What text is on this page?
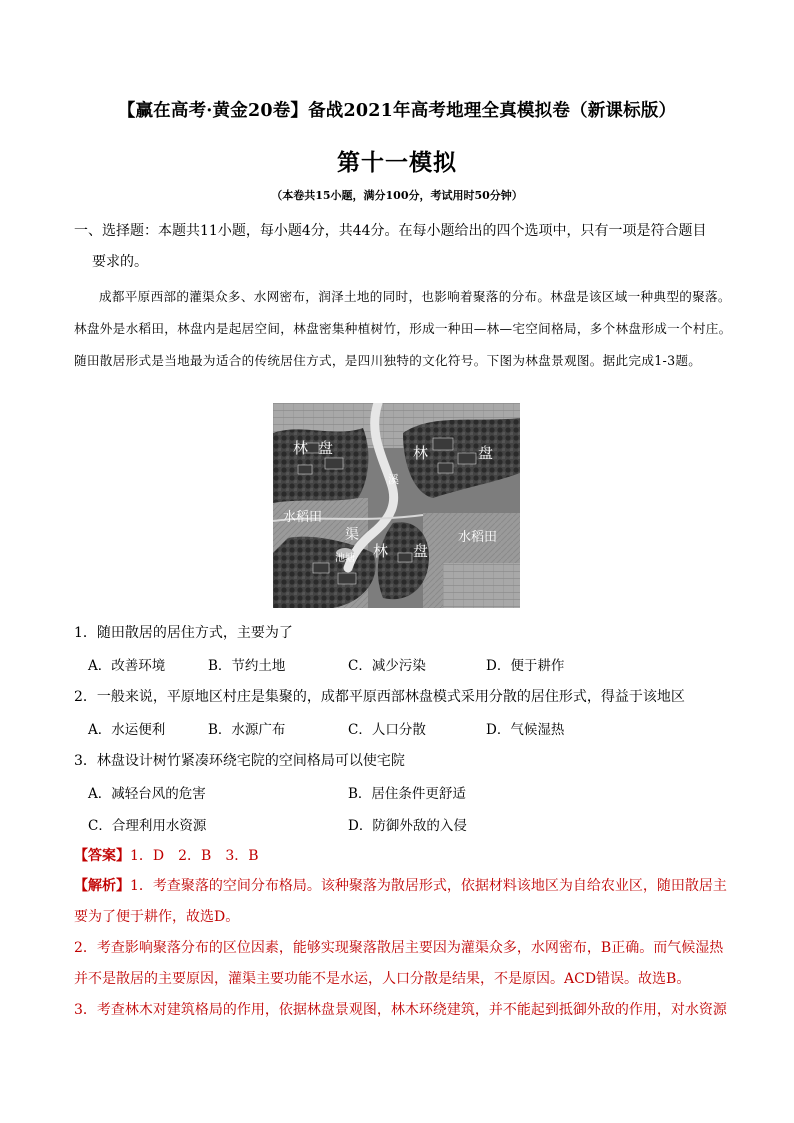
【赢在高考·黄金20卷】备战2021年高考地理全真模拟卷（新课标版）
第十一模拟
（本卷共15小题，满分100分，考试用时50分钟）
一、选择题：本题共11小题，每小题4分，共44分。在每小题给出的四个选项中，只有一项是符合题目
要求的。
成都平原西部的灌渠众多、水网密布，润泽土地的同时，也影响着聚落的分布。林盘是该区域一种典型的聚落。林盘外是水稻田，林盘内是起居空间，林盘密集种植树竹，形成一种田—林—宅空间格局，多个林盘形成一个村庄。随田散居形式是当地最为适合的传统居住方式，是四川独特的文化符号。下图为林盘景观图。据此完成1-3题。
林 盘	林	盘
林 盘
水稻田
水稻田
渠
池塘
溪
1．随田散居的居住方式，主要为了
A．改善环境	B．节约土地	C．减少污染	D．便于耕作
2．一般来说，平原地区村庄是集聚的，成都平原西部林盘模式采用分散的居住形式，得益于该地区
A．水运便利	B．水源广布	C．人口分散	D．气候湿热
3．林盘设计树竹紧凑环绕宅院的空间格局可以使宅院
A．减轻台风的危害	B．居住条件更舒适
C．合理利用水资源	D．防御外敌的入侵
【答案】1．D　2．B　3．B
【解析】1．考查聚落的空间分布格局。该种聚落为散居形式，依据材料该地区为自给农业区，随田散居主
要为了便于耕作，故选D。
2．考查影响聚落分布的区位因素，能够实现聚落散居主要因为灌渠众多，水网密布，B正确。而气候湿热
并不是散居的主要原因，灌渠主要功能不是水运，人口分散是结果，不是原因。ACD错误。故选B。
3．考查林木对建筑格局的作用，依据林盘景观图，林木环绕建筑，并不能起到抵御外敌的作用，对水资源
